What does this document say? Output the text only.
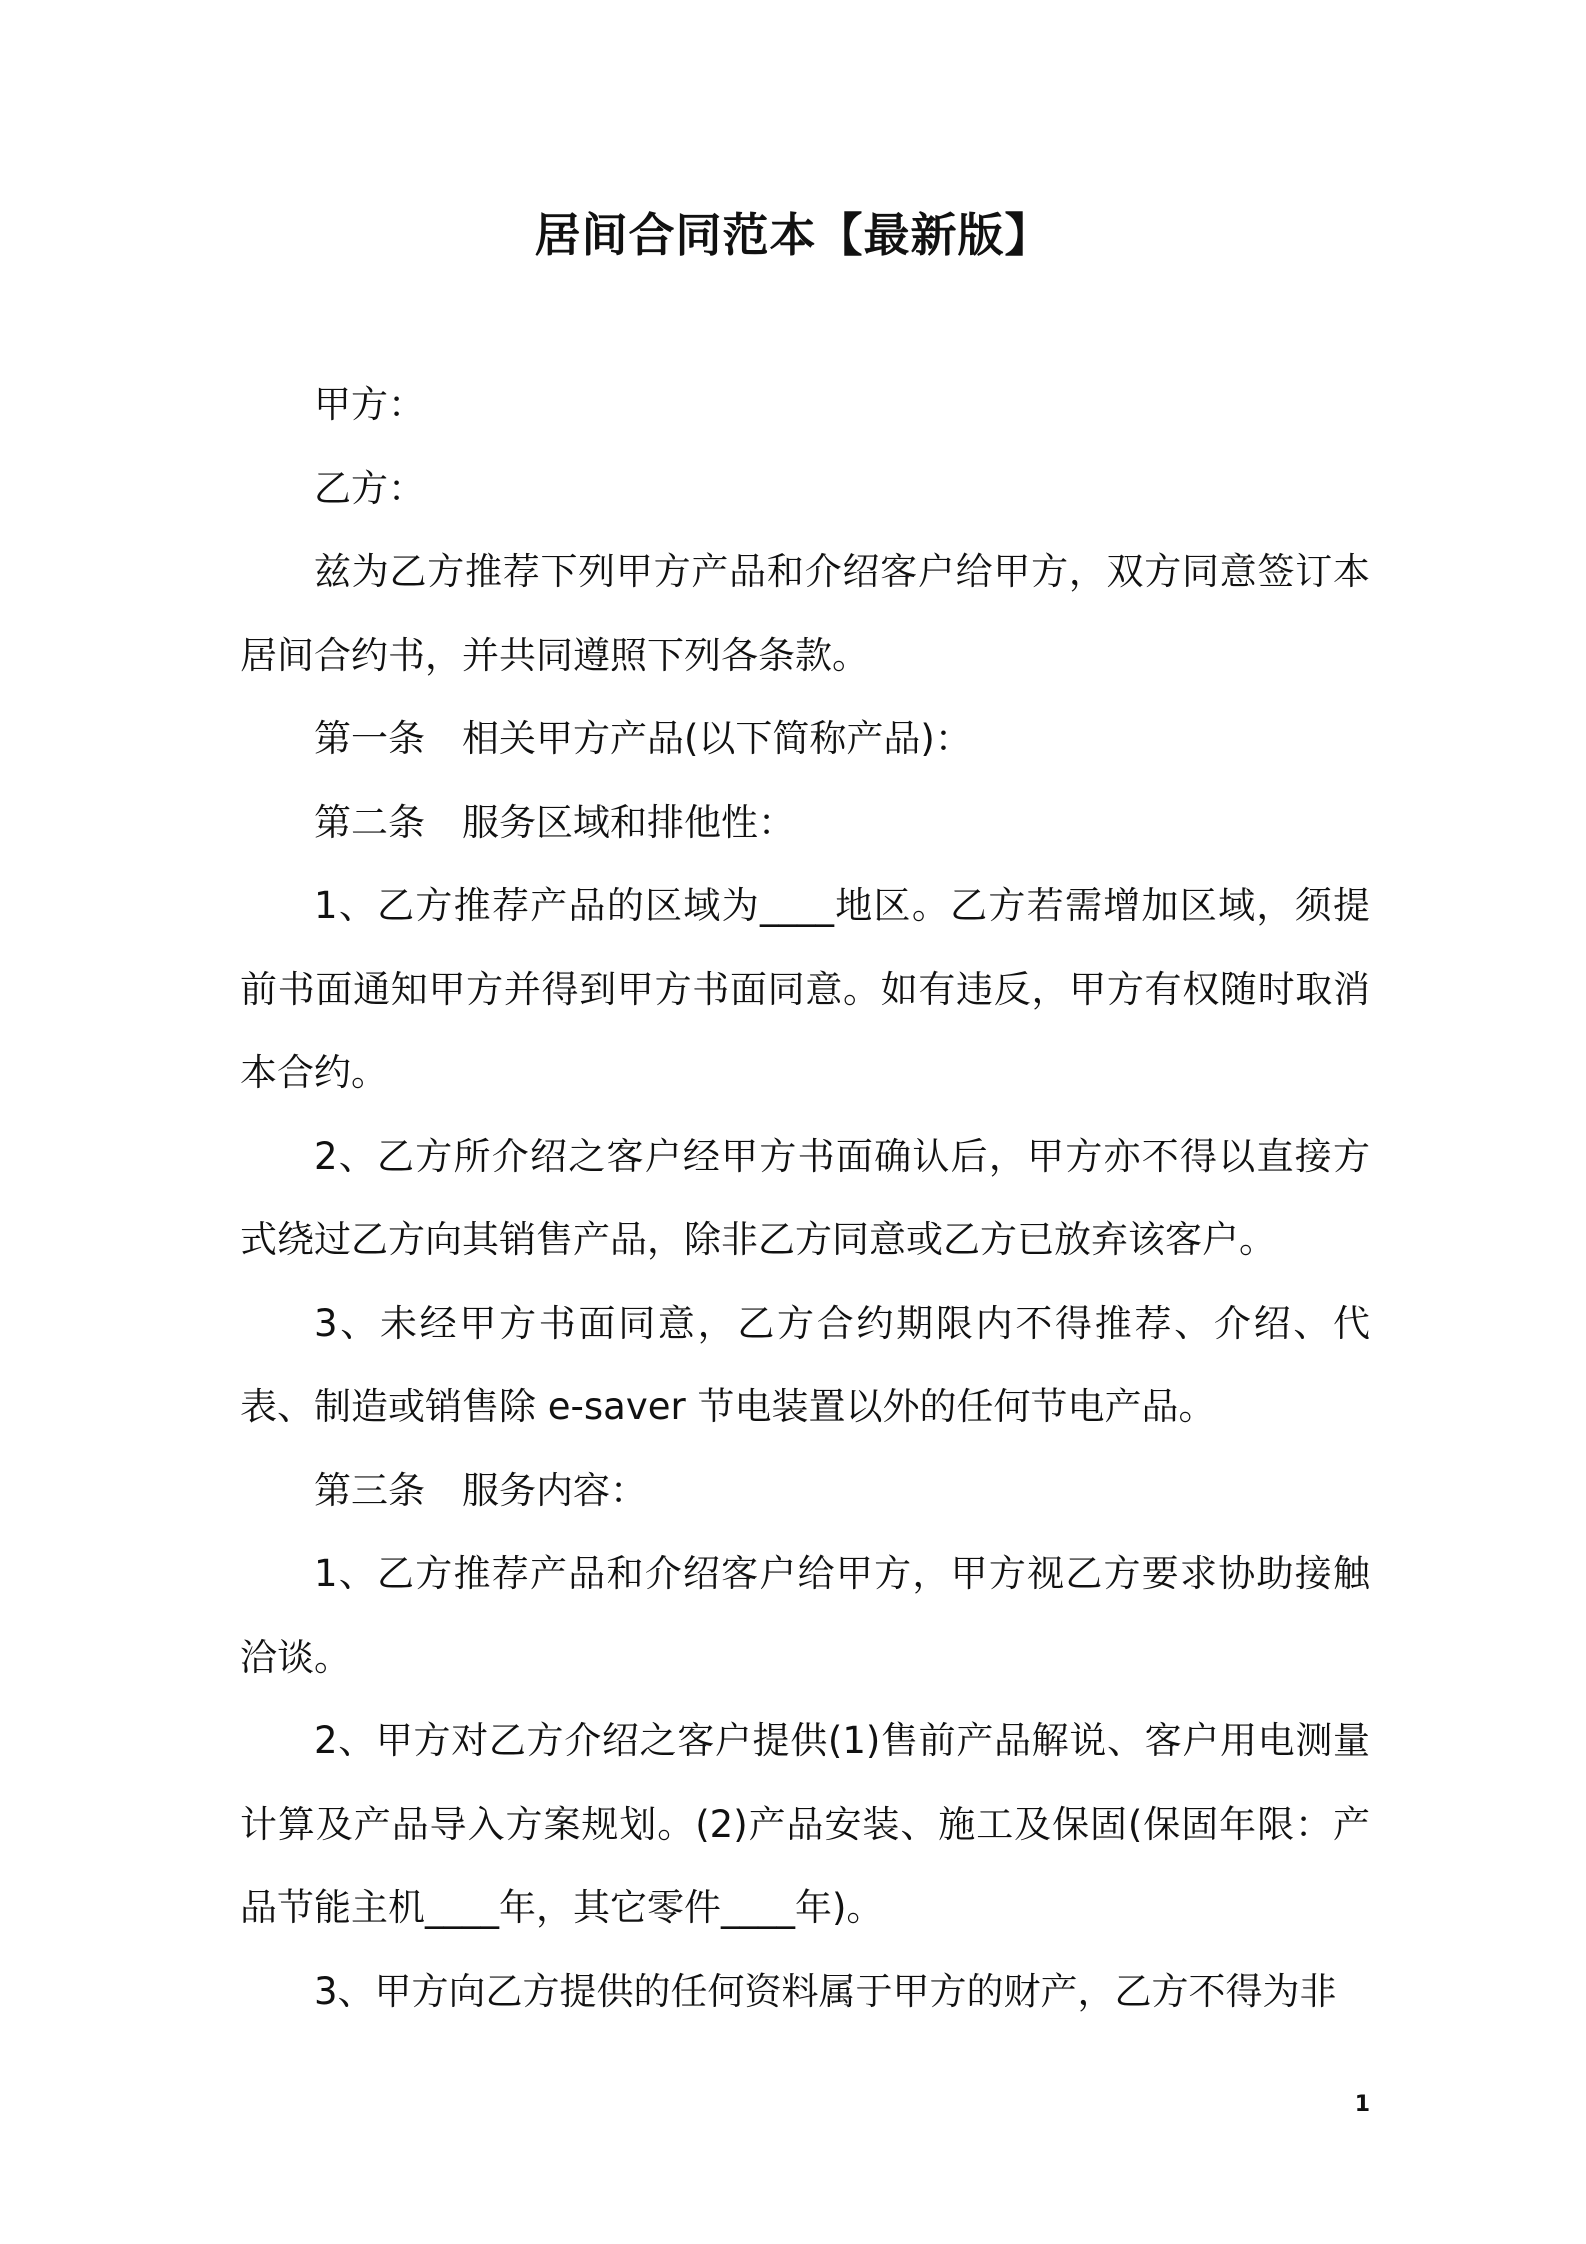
居间合同范本【最新版】

甲方：

乙方：

兹为乙方推荐下列甲方产品和介绍客户给甲方，双方同意签订本居间合约书，并共同遵照下列各条款。

第一条　相关甲方产品(以下简称产品)：

第二条　服务区域和排他性：

1、乙方推荐产品的区域为____地区。乙方若需增加区域，须提前书面通知甲方并得到甲方书面同意。如有违反，甲方有权随时取消本合约。

2、乙方所介绍之客户经甲方书面确认后，甲方亦不得以直接方式绕过乙方向其销售产品，除非乙方同意或乙方已放弃该客户。

3、未经甲方书面同意，乙方合约期限内不得推荐、介绍、代表、制造或销售除 e-saver 节电装置以外的任何节电产品。

第三条　服务内容：

1、乙方推荐产品和介绍客户给甲方，甲方视乙方要求协助接触洽谈。

2、甲方对乙方介绍之客户提供(1)售前产品解说、客户用电测量计算及产品导入方案规划。(2)产品安装、施工及保固(保固年限：产品节能主机____年，其它零件____年)。

3、甲方向乙方提供的任何资料属于甲方的财产，乙方不得为非

1
